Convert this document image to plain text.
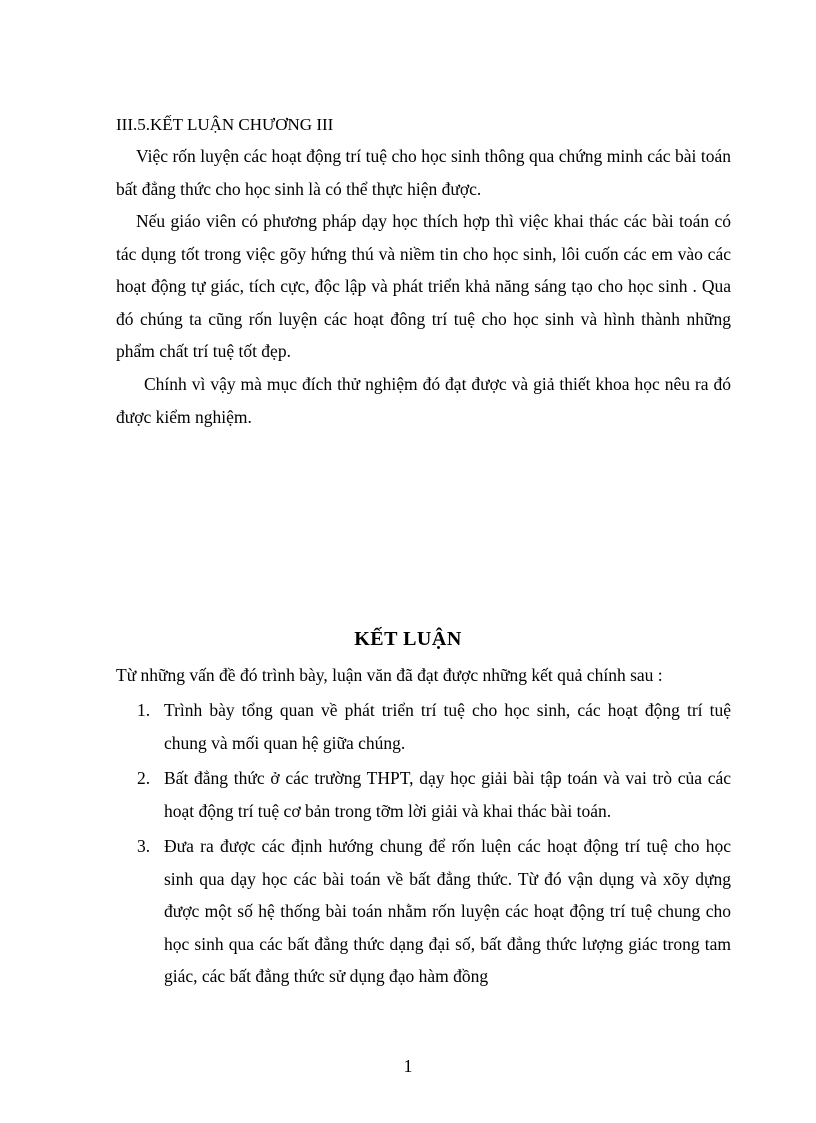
III.5.KẾT LUẬN CHƯƠNG III

Việc rốn luyện các hoạt động trí tuệ cho học sinh thông qua chứng minh các bài toán bất đẳng thức cho học sinh là có thể thực hiện được.

Nếu giáo viên có phương pháp dạy học thích hợp thì việc khai thác các bài toán có tác dụng tốt trong việc gõy hứng thú và niềm tin cho học sinh, lôi cuốn các em vào các hoạt động tự giác, tích cực, độc lập và phát triển khả năng sáng tạo cho học sinh . Qua đó chúng ta cũng rốn luyện các hoạt đông trí tuệ cho học sinh và hình thành những phẩm chất trí tuệ tốt đẹp.

Chính vì vậy mà mục đích thử nghiệm đó đạt được và giả thiết khoa học nêu ra đó được kiểm nghiệm.

KẾT LUẬN
Từ những vấn đề đó trình bày, luận văn đã đạt được những kết quả chính sau :
1. Trình bày tổng quan về phát triển trí tuệ cho học sinh, các hoạt động trí tuệ chung và mối quan hệ giữa chúng.
2. Bất đẳng thức ở các trường THPT, dạy học giải bài tập toán và vai trò của các hoạt động trí tuệ cơ bản trong tỡm lời giải và khai thác bài toán.
3. Đưa ra được các định hướng chung để rốn luện các hoạt động trí tuệ cho học sinh qua dạy học các bài toán về bất đẳng thức. Từ đó vận dụng và xõy dựng được một số hệ thống bài toán nhằm rốn luyện các hoạt động trí tuệ chung cho học sinh qua các bất đẳng thức dạng đại số, bất đẳng thức lượng giác trong tam giác, các bất đẳng thức sử dụng đạo hàm đồng
1
